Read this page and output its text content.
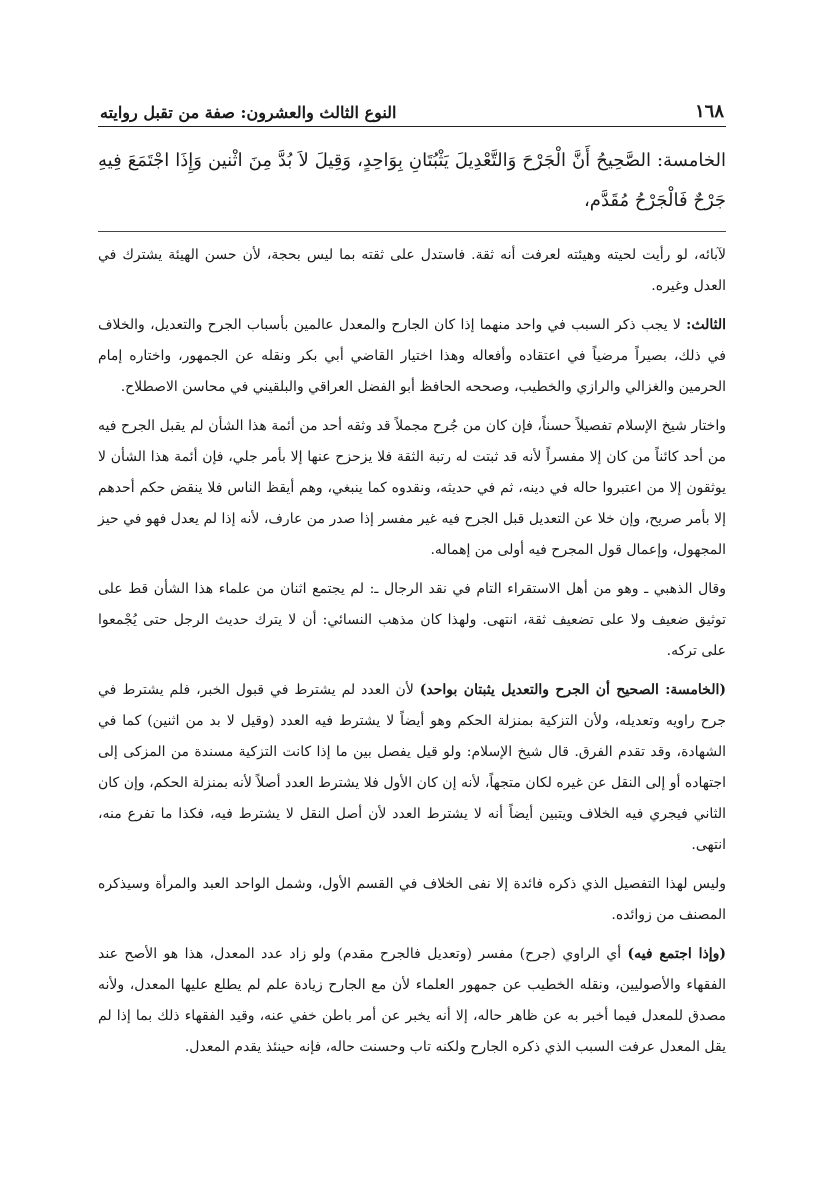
١٦٨
النوع الثالث والعشرون: صفة من تقبل روايته
الخامسة: الصَّحِيحُ أَنَّ الْجَرْحَ وَالتَّعْدِيلَ يَثْبُتَانِ بِوَاحِدٍ، وَقِيلَ لاَ بُدَّ مِنَ اثْنين وَإِذَا اجْتَمَعَ فِيهِ جَرْحٌ فَالْجَرْحُ مُقَدَّم،

لآبائه، لو رأيت لحيته وهيئته لعرفت أنه ثقة. فاستدل على ثقته بما ليس بحجة، لأن حسن الهيئة يشترك في العدل وغيره.

الثالث: لا يجب ذكر السبب في واحد منهما إذا كان الجارح والمعدل عالمين بأسباب الجرح والتعديل، والخلاف في ذلك، بصيراً مرضياً في اعتقاده وأفعاله وهذا اختيار القاضي أبي بكر ونقله عن الجمهور، واختاره إمام الحرمين والغزالي والرازي والخطيب، وصححه الحافظ أبو الفضل العراقي والبلقيني في محاسن الاصطلاح.

واختار شيخ الإسلام تفصيلاً حسناً، فإن كان من جُرح مجملاً قد وثقه أحد من أئمة هذا الشأن لم يقبل الجرح فيه من أحد كائناً من كان إلا مفسراً لأنه قد ثبتت له رتبة الثقة فلا يزحزح عنها إلا بأمر جلي، فإن أئمة هذا الشأن لا يوثقون إلا من اعتبروا حاله في دينه، ثم في حديثه، ونقدوه كما ينبغي، وهم أيقظ الناس فلا ينقض حكم أحدهم إلا بأمر صريح، وإن خلا عن التعديل قبل الجرح فيه غير مفسر إذا صدر من عارف، لأنه إذا لم يعدل فهو في حيز المجهول، وإعمال قول المجرح فيه أولى من إهماله.

وقال الذهبي ـ وهو من أهل الاستقراء التام في نقد الرجال ـ: لم يجتمع اثنان من علماء هذا الشأن قط على توثيق ضعيف ولا على تضعيف ثقة، انتهى. ولهذا كان مذهب النسائي: أن لا يترك حديث الرجل حتى يُجْمعوا على تركه.

(الخامسة: الصحيح أن الجرح والتعديل يثبتان بواحد) لأن العدد لم يشترط في قبول الخبر، فلم يشترط في جرح راويه وتعديله، ولأن التزكية بمنزلة الحكم وهو أيضاً لا يشترط فيه العدد (وقيل لا بد من اثنين) كما في الشهادة، وقد تقدم الفرق. قال شيخ الإسلام: ولو قيل يفصل بين ما إذا كانت التزكية مسندة من المزكى إلى اجتهاده أو إلى النقل عن غيره لكان متجهاً، لأنه إن كان الأول فلا يشترط العدد أصلاً لأنه بمنزلة الحكم، وإن كان الثاني فيجري فيه الخلاف ويتبين أيضاً أنه لا يشترط العدد لأن أصل النقل لا يشترط فيه، فكذا ما تفرع منه، انتهى.

وليس لهذا التفصيل الذي ذكره فائدة إلا نفى الخلاف في القسم الأول، وشمل الواحد العبد والمرأة وسيذكره المصنف من زوائده.

(وإذا اجتمع فيه) أي الراوي (جرح) مفسر (وتعديل فالجرح مقدم) ولو زاد عدد المعدل، هذا هو الأصح عند الفقهاء والأصوليين، ونقله الخطيب عن جمهور العلماء لأن مع الجارح زيادة علم لم يطلع عليها المعدل، ولأنه مصدق للمعدل فيما أخبر به عن ظاهر حاله، إلا أنه يخبر عن أمر باطن خفي عنه، وقيد الفقهاء ذلك بما إذا لم يقل المعدل عرفت السبب الذي ذكره الجارح ولكنه تاب وحسنت حاله، فإنه حينئذ يقدم المعدل.
